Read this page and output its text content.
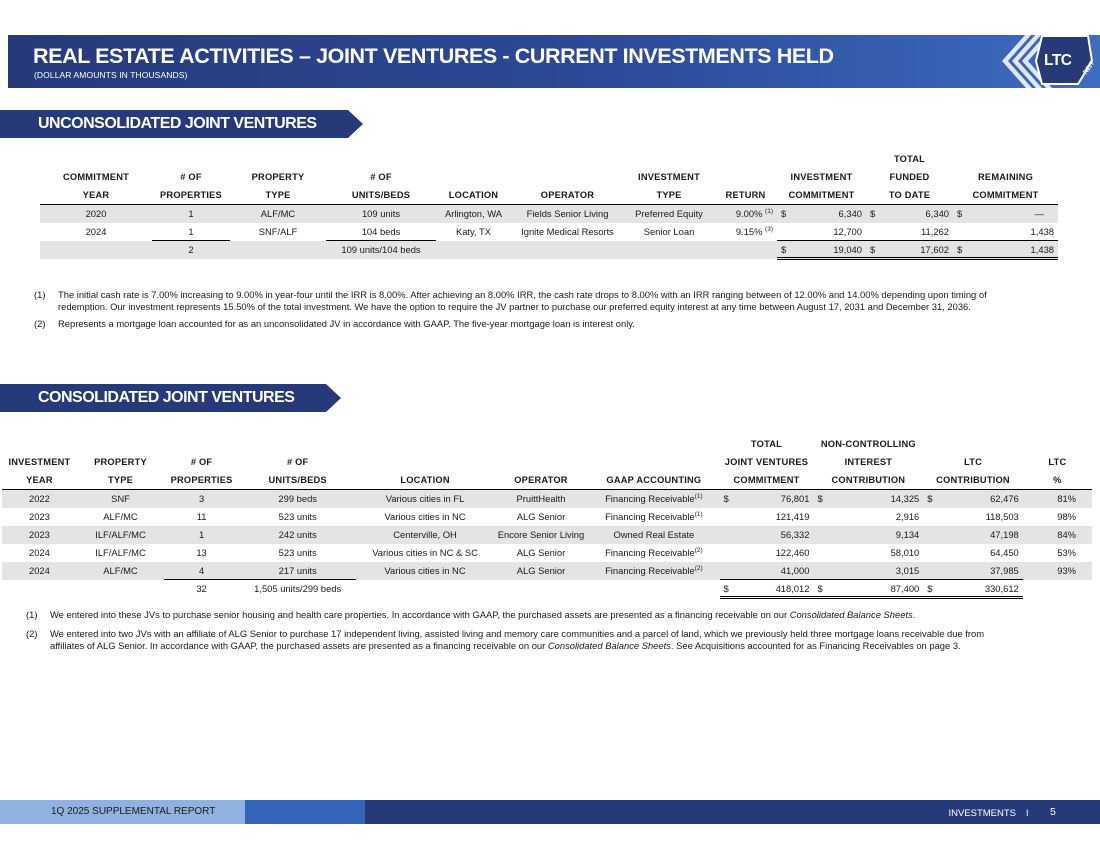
REAL ESTATE ACTIVITIES – JOINT VENTURES - CURRENT INVESTMENTS HELD
(DOLLAR AMOUNTS IN THOUSANDS)
LTC REIT
UNCONSOLIDATED JOINT VENTURES
									TOTAL	
COMMITMENT	# OF	PROPERTY	# OF			INVESTMENT		INVESTMENT	FUNDED	REMAINING
YEAR	PROPERTIES	TYPE	UNITS/BEDS	LOCATION	OPERATOR	TYPE	RETURN	COMMITMENT	TO DATE	COMMITMENT
2020	1	ALF/MC	109 units	Arlington, WA	Fields Senior Living	Preferred Equity	9.00% $^{(1)}$	$ 6,340	$ 6,340	$ —

2024	1	SNF/ALF	104 beds	Katy, TX	Ignite Medical Resorts	Senior Loan	9.15% $^{(3)}$	12,700	11,262	1,438

	2		109 units/104 beds					$ 19,040	$ 17,602	$ 1,438
(1) The initial cash rate is 7.00% increasing to 9.00% in year-four until the IRR is 8.00%. After achieving an 8.00% IRR, the cash rate drops to 8.00% with an IRR ranging between of 12.00% and 14.00% depending upon timing of
redemption. Our investment represents 15.50% of the total investment. We have the option to require the JV partner to purchase our preferred equity interest at any time between August 17, 2031 and December 31, 2036.
(2) Represents a mortgage loan accounted for as an unconsolidated JV in accordance with GAAP. The five-year mortgage loan is interest only.
CONSOLIDATED JOINT VENTURES
							TOTAL	NON-CONTROLLING		
INVESTMENT	PROPERTY	# OF	# OF				JOINT VENTURES	INTEREST	LTC	LTC
YEAR	TYPE	PROPERTIES	UNITS/BEDS	LOCATION	OPERATOR	GAAP ACCOUNTING	COMMITMENT	CONTRIBUTION	CONTRIBUTION	%
2022	SNF	3	299 beds	Various cities in FL	PruittHealth	Financing Receivable$^{(1)}$	$ 76,801	$ 14,325	$ 62,476	81%
2023	ALF/MC	11	523 units	Various cities in NC	ALG Senior	Financing Receivable$^{(1)}$	121,419	2,916	118,503	98%
2023	ILF/ALF/MC	1	242 units	Centerville, OH	Encore Senior Living	Owned Real Estate	56,332	9,134	47,198	84%
2024	ILF/ALF/MC	13	523 units	Various cities in NC & SC	ALG Senior	Financing Receivable$^{(2)}$	122,460	58,010	64,450	53%
2024	ALF/MC	4	217 units	Various cities in NC	ALG Senior	Financing Receivable$^{(2)}$	41,000	3,015	37,985	93%
		32	1,505 units/299 beds				$ 418,012	$ 87,400	$ 330,612	

(1) We entered into these JVs to purchase senior housing and health care properties. In accordance with GAAP, the purchased assets are presented as a financing receivable on our Consolidated Balance Sheets.
(2) We entered into two JVs with an affiliate of ALG Senior to purchase 17 independent living, assisted living and memory care communities and a parcel of land, which we previously held three mortgage loans receivable due from
affiliates of ALG Senior. In accordance with GAAP, the purchased assets are presented as a financing receivable on our Consolidated Balance Sheets. See Acquisitions accounted for as Financing Receivables on page 3.
1Q 2025 SUPPLEMENTAL REPORT	INVESTMENTS I 5
